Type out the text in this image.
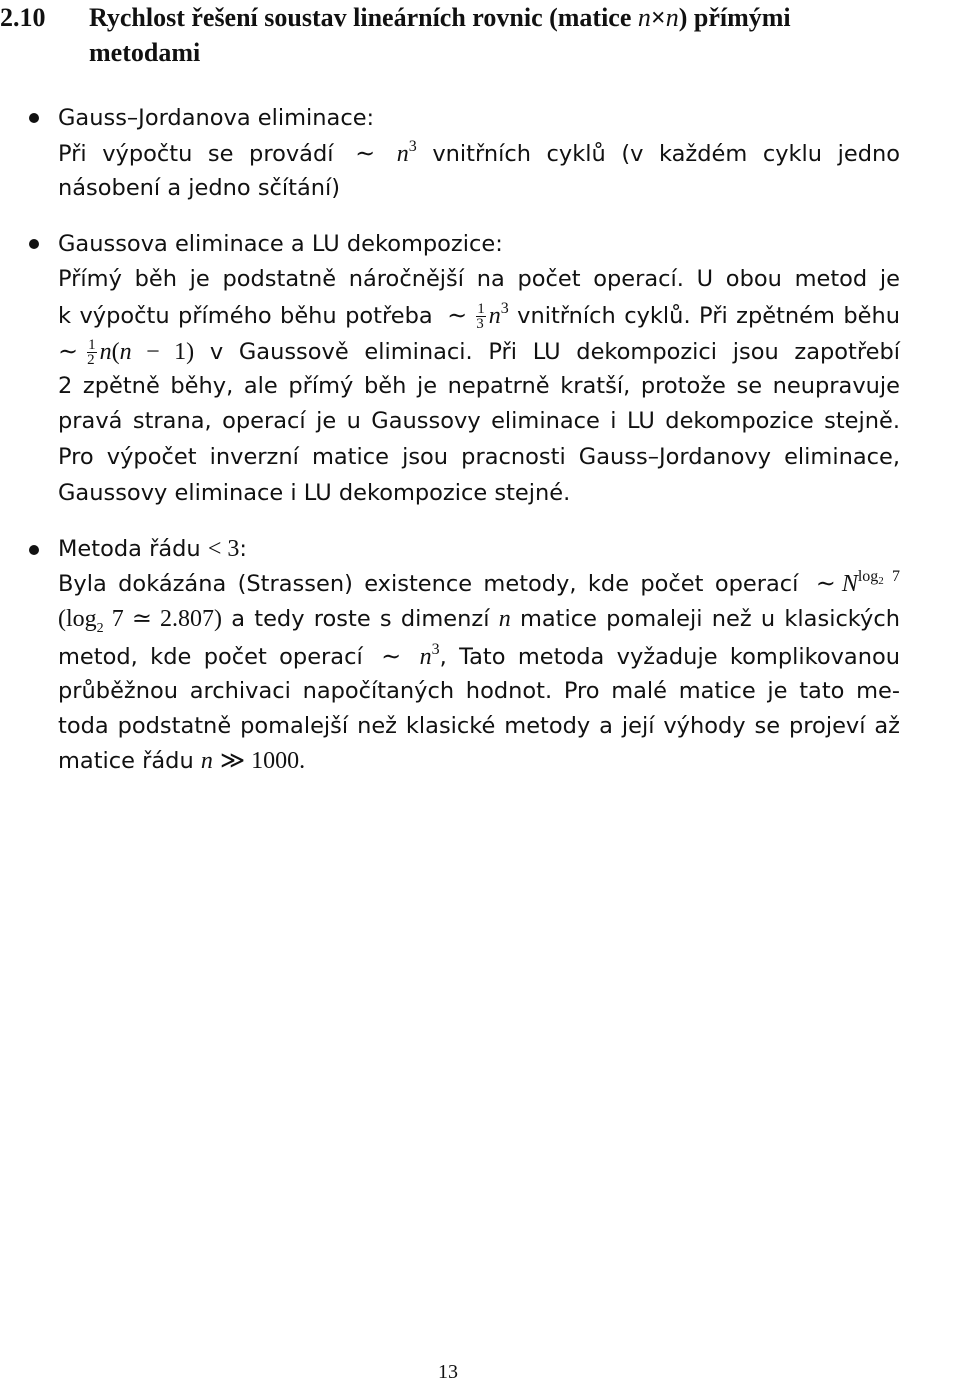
2.10 Rychlost řešení soustav lineárních rovnic (matice n×n) přímými
metodami
Gauss–Jordanova eliminace:
Při výpočtu se provádí ∼ $n^3$ vnitřních cyklů (v každém cyklu jedno
násobení a jedno sčítání)
Gaussova eliminace a LU dekompozice:
Přímý běh je podstatně náročnější na počet operací. U obou metod je
k výpočtu přímého běhu potřeba ∼ $\frac{1}{3} n^3$ vnitřních cyklů. Při zpětném běhu
∼ $\frac{1}{2} n(n - 1)$ v Gaussově eliminaci. Při LU dekompozici jsou zapotřebí
2 zpětně běhy, ale přímý běh je nepatrně kratší, protože se neupravuje
pravá strana, operací je u Gaussovy eliminace i LU dekompozice stejně.
Pro výpočet inverzní matice jsou pracnosti Gauss–Jordanovy eliminace,
Gaussovy eliminace i LU dekompozice stejné.
Metoda řádu < 3:
Byla dokázána (Strassen) existence metody, kde počet operací ∼ $N^{log_2 7}$
($\log_2$ 7 ≃ 2.807) a tedy roste s dimenzí n matice pomaleji než u klasických
metod, kde počet operací ∼ $n^3$, Tato metoda vyžaduje komplikovanou
průběžnou archivaci napočítaných hodnot. Pro malé matice je tato me-
toda podstatně pomalejší než klasické metody a její výhody se projeví až
matice řádu n ≫ 1000.
13
